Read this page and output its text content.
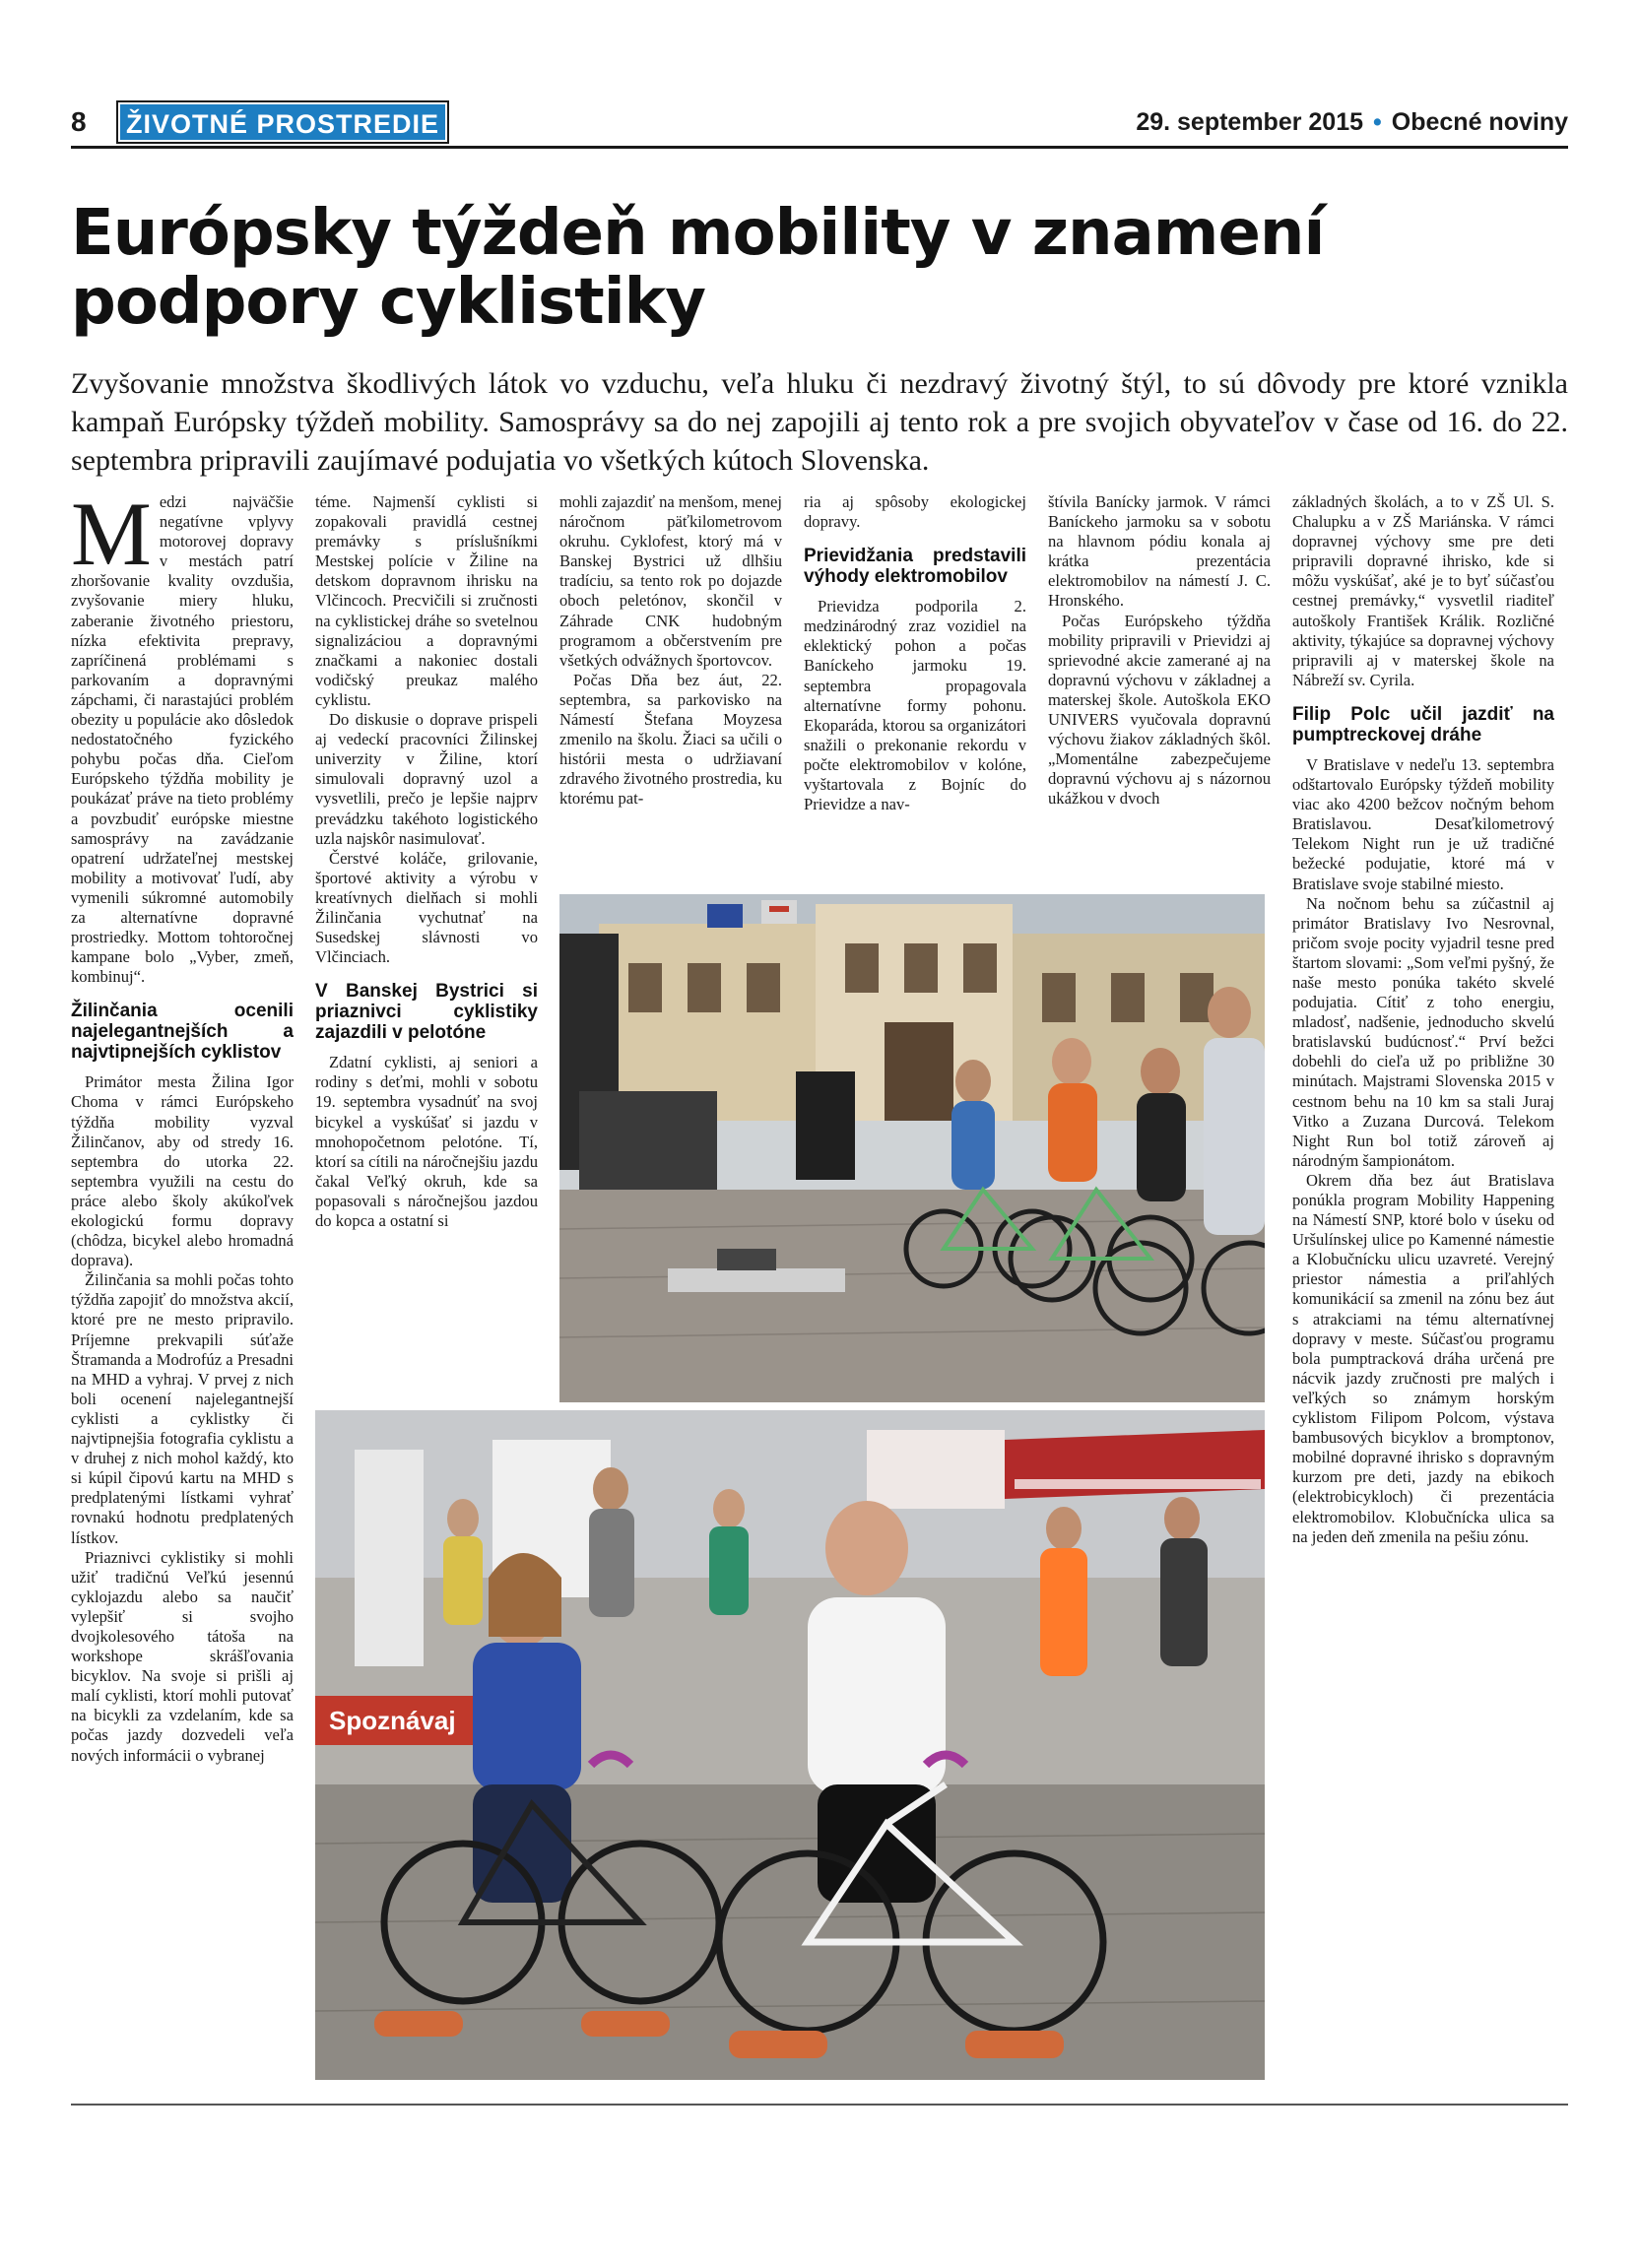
8 ŽIVOTNÉ PROSTREDIE	29. september 2015 • Obecné noviny
Európsky týždeň mobility v znamení podpory cyklistiky

Zvyšovanie množstva škodlivých látok vo vzduchu, veľa hluku či nezdravý životný štýl, to sú dôvody pre ktoré vznikla kampaň Európsky týždeň mobility. Samosprávy sa do nej zapojili aj tento rok a pre svojich obyvateľov v čase od 16. do 22. septembra pripravili zaujímavé podujatia vo všetkých kútoch Slovenska.

Medzi najväčšie negatívne vplyvy motorovej dopravy v mestách patrí zhoršovanie kvality ovzdušia, zvyšovanie miery hluku, zaberanie životného priestoru, nízka efektivita prepravy, zapríčinená problémami s parkovaním a dopravnými zápchami, či narastajúci problém obezity u populácie ako dôsledok nedostatočného fyzického pohybu počas dňa. Cieľom Európskeho týždňa mobility je poukázať práve na tieto problémy a povzbudiť európske miestne samosprávy na zavádzanie opatrení udržateľnej mestskej mobility a motivovať ľudí, aby vymenili súkromné automobily za alternatívne dopravné prostriedky. Mottom tohtoročnej kampane bolo „Vyber, zmeň, kombinuj“.

Žilinčania ocenili najelegantnejších a najvtipnejších cyklistov

Primátor mesta Žilina Igor Choma v rámci Európskeho týždňa mobility vyzval Žilinčanov, aby od stredy 16. septembra do utorka 22. septembra využili na cestu do práce alebo školy akúkoľvek ekologickú formu dopravy (chôdza, bicykel alebo hromadná doprava).

Žilinčania sa mohli počas tohto týždňa zapojiť do množstva akcií, ktoré pre ne mesto pripravilo. Príjemne prekvapili súťaže Štramanda a Modrofúz a Presadni na MHD a vyhraj. V prvej z nich boli ocenení najelegantnejší cyklisti a cyklistky či najvtipnejšia fotografia cyklistu a v druhej z nich mohol každý, kto si kúpil čipovú kartu na MHD s predplatenými lístkami vyhrať rovnakú hodnotu predplatených lístkov.

Priaznivci cyklistiky si mohli užiť tradičnú Veľkú jesennú cyklojazdu alebo sa naučiť vylepšiť si svojho dvojkolesového tátoša na workshope skrášľovania bicyklov. Na svoje si prišli aj malí cyklisti, ktorí mohli putovať na bicykli za vzdelaním, kde sa počas jazdy dozvedeli veľa nových informácii o vybranej

téme. Najmenší cyklisti si zopakovali pravidlá cestnej premávky s príslušníkmi Mestskej polície v Žiline na detskom dopravnom ihrisku na Vlčincoch. Precvičili si zručnosti na cyklistickej dráhe so svetelnou signalizáciou a dopravnými značkami a nakoniec dostali vodičský preukaz malého cyklistu.

Do diskusie o doprave prispeli aj vedeckí pracovníci Žilinskej univerzity v Žiline, ktorí simulovali dopravný uzol a vysvetlili, prečo je lepšie najprv prevádzku takéhoto logistického uzla najskôr nasimulovať.

Čerstvé koláče, grilovanie, športové aktivity a výrobu v kreatívnych dielňach si mohli Žilinčania vychutnať na Susedskej slávnosti vo Vlčinciach.

V Banskej Bystrici si priaznivci cyklistiky zajazdili v pelotóne

Zdatní cyklisti, aj seniori a rodiny s deťmi, mohli v sobotu 19. septembra vysadnúť na svoj bicykel a vyskúšať si jazdu v mnohopočetnom pelotóne. Tí, ktorí sa cítili na náročnejšiu jazdu čakal Veľký okruh, kde sa popasovali s náročnejšou jazdou do kopca a ostatní si

mohli zajazdiť na menšom, menej náročnom päťkilometrovom okruhu. Cyklofest, ktorý má v Banskej Bystrici už dlhšiu tradíciu, sa tento rok po dojazde oboch peletónov, skončil v Záhrade CNK hudobným programom a občerstvením pre všetkých odvážnych športovcov.

Počas Dňa bez áut, 22. septembra, sa parkovisko na Námestí Štefana Moyzesa zmenilo na školu. Žiaci sa učili o histórii mesta o udržiavaní zdravého životného prostredia, ku ktorému pat-

ria aj spôsoby ekologickej dopravy.

Prievidžania predstavili výhody elektromobilov

Prievidza podporila 2. medzinárodný zraz vozidiel na eklektický pohon a počas Baníckeho jarmoku 19. septembra propagovala alternatívne formy pohonu. Ekoparáda, ktorou sa organizátori snažili o prekonanie rekordu v počte elektromobilov v kolóne, vyštartovala z Bojníc do Prievidze a nav-

štívila Banícky jarmok. V rámci Baníckeho jarmoku sa v sobotu na hlavnom pódiu konala aj krátka prezentácia elektromobilov na námestí J. C. Hronského.

Počas Európskeho týždňa mobility pripravili v Prievidzi aj sprievodné akcie zamerané aj na dopravnú výchovu v základnej a materskej škole. Autoškola EKO UNIVERS vyučovala dopravnú výchovu žiakov základných škôl. „Momentálne zabezpečujeme dopravnú výchovu aj s názornou ukážkou v dvoch

základných školách, a to v ZŠ Ul. S. Chalupku a v ZŠ Mariánska. V rámci dopravnej výchovy sme pre deti pripravili dopravné ihrisko, kde si môžu vyskúšať, aké je to byť súčasťou cestnej premávky,“ vysvetlil riaditeľ autoškoly František Králik. Rozličné aktivity, týkajúce sa dopravnej výchovy pripravili aj v materskej škole na Nábreží sv. Cyrila.

Filip Polc učil jazdiť na pumptreckovej dráhe

V Bratislave v nedeľu 13. septembra odštartovalo Európsky týždeň mobility viac ako 4200 bežcov nočným behom Bratislavou. Desaťkilometrový Telekom Night run je už tradičné bežecké podujatie, ktoré má v Bratislave svoje stabilné miesto.

Na nočnom behu sa zúčastnil aj primátor Bratislavy Ivo Nesrovnal, pričom svoje pocity vyjadril tesne pred štartom slovami: „Som veľmi pyšný, že naše mesto ponúka takéto skvelé podujatia. Cítiť z toho energiu, mladosť, nadšenie, jednoducho skvelú bratislavskú budúcnosť.“ Prví bežci dobehli do cieľa už po približne 30 minútach. Majstrami Slovenska 2015 v cestnom behu na 10 km sa stali Juraj Vitko a Zuzana Durcová. Telekom Night Run bol totiž zároveň aj národným šampionátom.

Okrem dňa bez áut Bratislava ponúkla program Mobility Happening na Námestí SNP, ktoré bolo v úseku od Uršulínskej ulice po Kamenné námestie a Klobučnícku ulicu uzavreté. Verejný priestor námestia a priľahlých komunikácií sa zmenil na zónu bez áut s atrakciami na tému alternatívnej dopravy v meste. Súčasťou programu bola pumptracková dráha určená pre nácvik jazdy zručnosti pre malých i veľkých so známym horským cyklistom Filipom Polcom, výstava bambusových bicyklov a bromptonov, mobilné dopravné ihrisko s dopravným kurzom pre deti, jazdy na ebikoch (elektrobicykloch) či prezentácia elektromobilov. Klobučnícka ulica sa na jeden deň zmenila na pešiu zónu.

Spoznávaj
